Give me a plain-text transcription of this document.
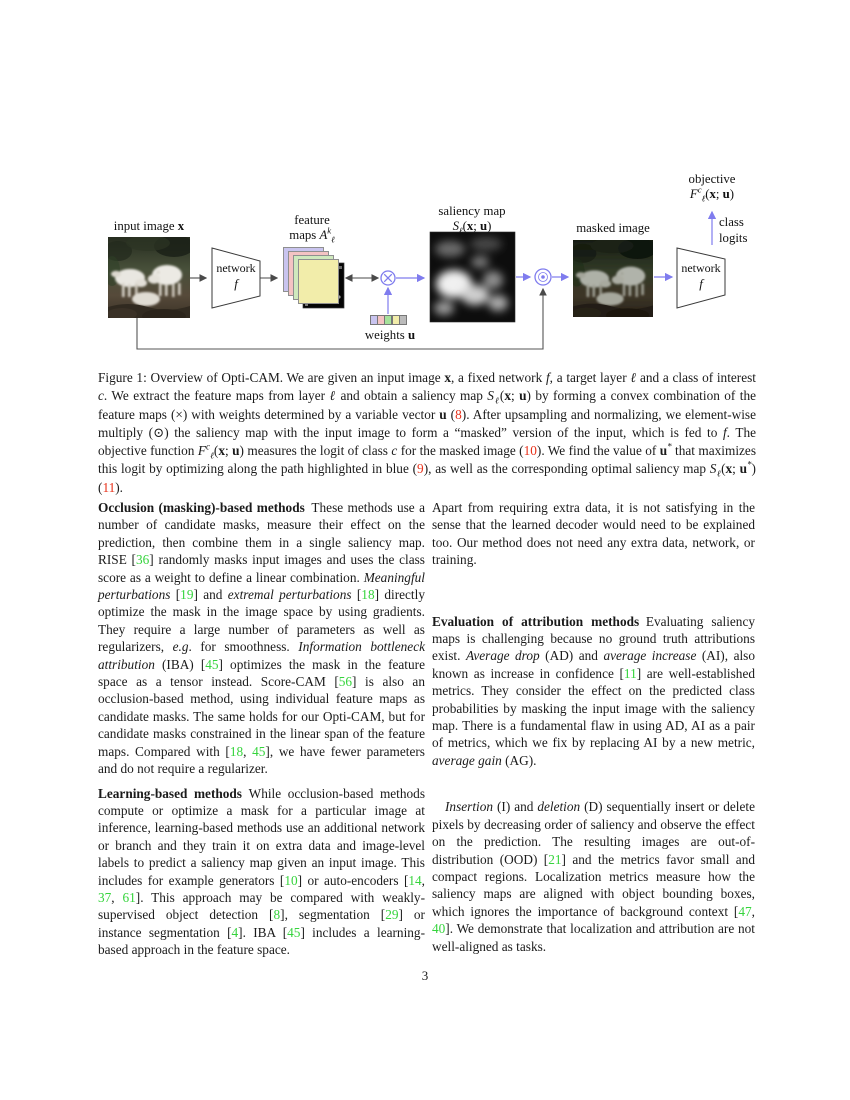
input image x
network
f
feature
maps $A^k_\ell$
weights u
saliency map
$S_\ell(x$; u)	masked image
network
f
objective
$F^c_\ell(x$; u)
class
logits
Figure 1: Overview of Opti-CAM. We are given an input image x, a fixed network f, a target layer ℓ and a class of interest c. We extract the feature maps from layer ℓ and obtain a saliency map $S_\ell(x$; u) by forming a convex combination of the feature maps (×) with weights determined by a variable vector u (8). After upsampling and normalizing, we element-wise multiply (⊙) the saliency map with the input image to form a “masked” version of the input, which is fed to f. The objective function $F^c_\ell(x$; u) measures the logit of class c for the masked image (10). We find the value of u* that maximizes this logit by optimizing along the path highlighted in blue (9), as well as the corresponding optimal saliency map $S_\ell(x$; u*) (11).

Occlusion (masking)-based methods These methods use a number of candidate masks, measure their effect on the prediction, then combine them in a single saliency map. RISE [36] randomly masks input images and uses the class score as a weight to define a linear combination. Meaningful perturbations [19] and extremal perturbations [18] directly optimize the mask in the image space by using gradients. They require a large number of parameters as well as regularizers, e.g. for smoothness. Information bottleneck attribution (IBA) [45] optimizes the mask in the feature space as a tensor instead. Score-CAM [56] is also an occlusion-based method, using individual feature maps as candidate masks. The same holds for our Opti-CAM, but for candidate masks constrained in the linear span of the feature maps. Compared with [18, 45], we have fewer parameters and do not require a regularizer.

Learning-based methods While occlusion-based methods compute or optimize a mask for a particular image at inference, learning-based methods use an additional network or branch and they train it on extra data and image-level labels to predict a saliency map given an input image. This includes for example generators [10] or auto-encoders [14, 37, 61]. This approach may be compared with weakly-supervised object detection [8], segmentation [29] or instance segmentation [4]. IBA [45] includes a learning-based approach in the feature space.

Apart from requiring extra data, it is not satisfying in the sense that the learned decoder would need to be explained too. Our method does not need any extra data, network, or training.

Evaluation of attribution methods Evaluating saliency maps is challenging because no ground truth attributions exist. Average drop (AD) and average increase (AI), also known as increase in confidence [11] are well-established metrics. They consider the effect on the predicted class probabilities by masking the input image with the saliency map. There is a fundamental flaw in using AD, AI as a pair of metrics, which we fix by replacing AI by a new metric, average gain (AG).

Insertion (I) and deletion (D) sequentially insert or delete pixels by decreasing order of saliency and observe the effect on the prediction. The resulting images are out-of-distribution (OOD) [21] and the metrics favor small and compact regions. Localization metrics measure how the saliency maps are aligned with object bounding boxes, which ignores the importance of background context [47, 40]. We demonstrate that localization and attribution are not well-aligned as tasks.

3
